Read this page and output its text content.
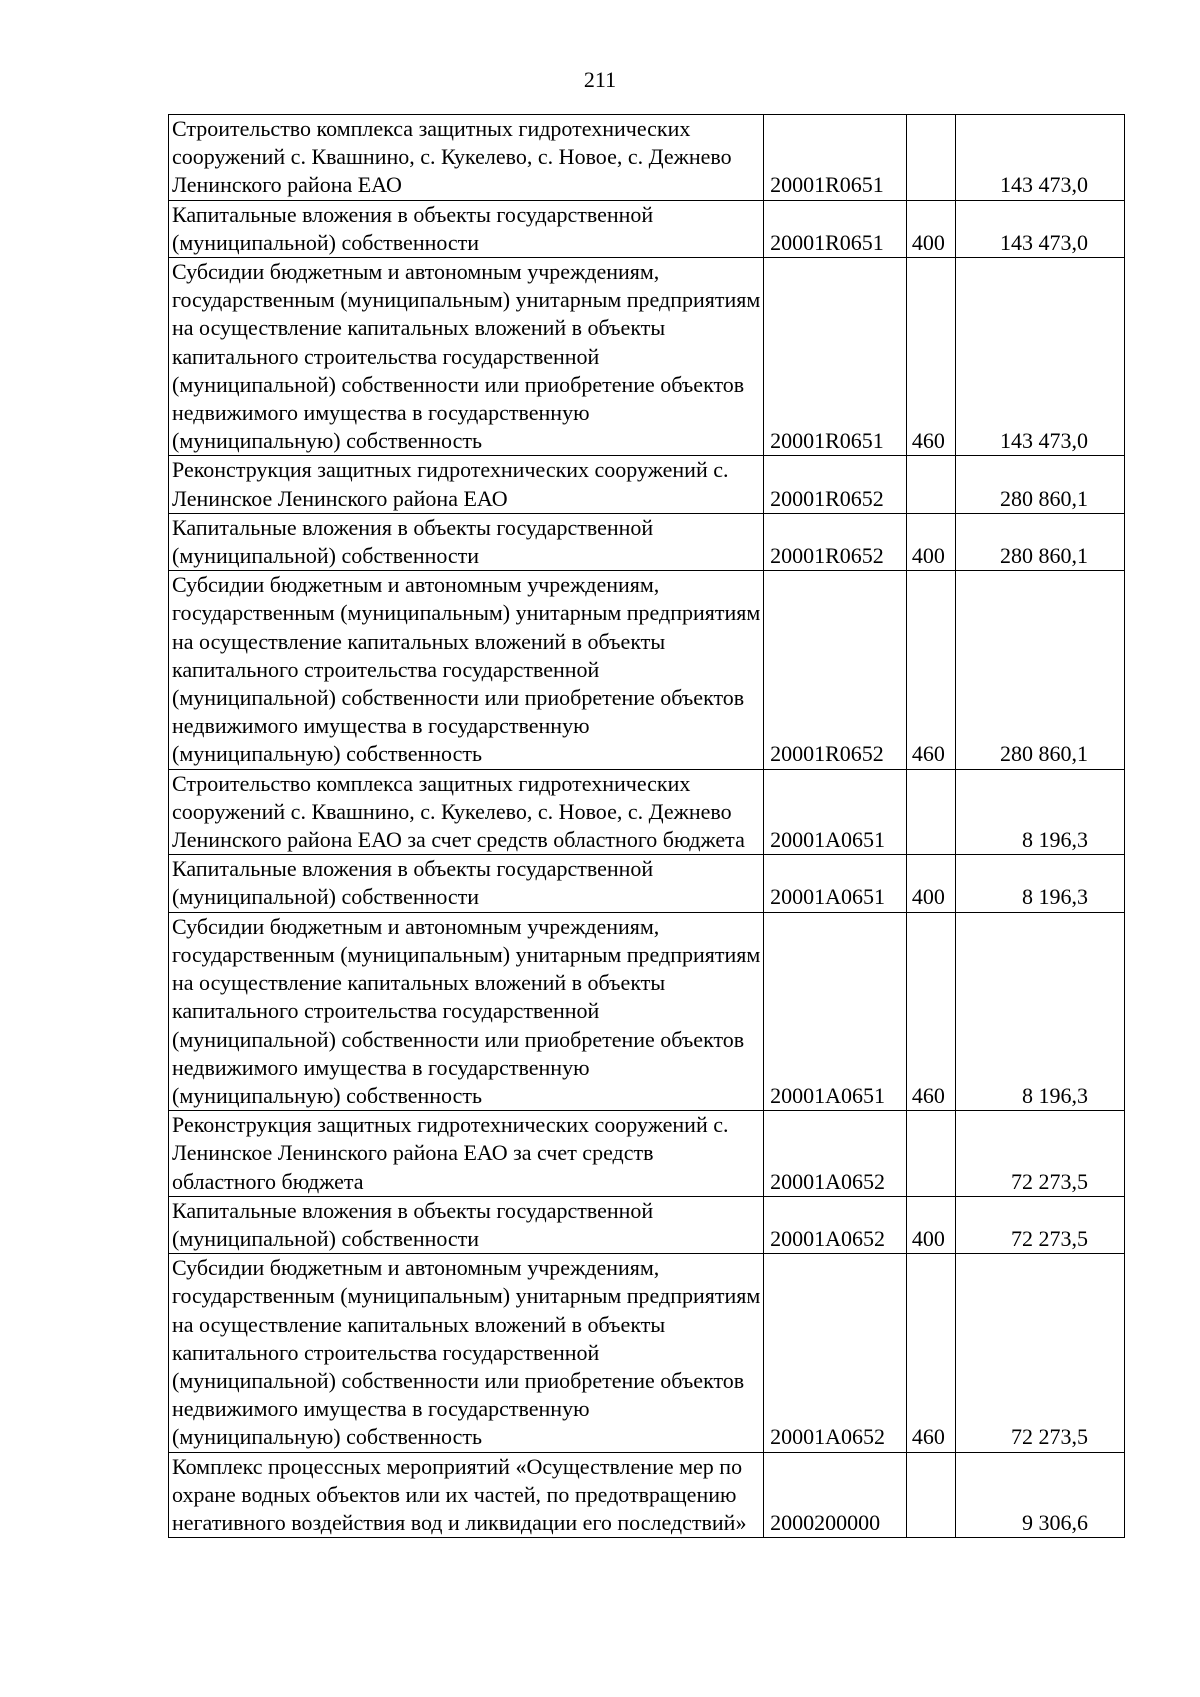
211
Строительство комплекса защитных гидротехнических сооружений с. Квашнино, с. Кукелево, с. Новое, с. Дежнево Ленинского района ЕАО	20001R0651		143 473,0
Капитальные вложения в объекты государственной (муниципальной) собственности	20001R0651	400	143 473,0
Субсидии бюджетным и автономным учреждениям, государственным (муниципальным) унитарным предприятиям на осуществление капитальных вложений в объекты капитального строительства государственной (муниципальной) собственности или приобретение объектов недвижимого имущества в государственную (муниципальную) собственность	20001R0651	460	143 473,0
Реконструкция защитных гидротехнических сооружений с. Ленинское Ленинского района ЕАО	20001R0652		280 860,1
Капитальные вложения в объекты государственной (муниципальной) собственности	20001R0652	400	280 860,1
Субсидии бюджетным и автономным учреждениям, государственным (муниципальным) унитарным предприятиям на осуществление капитальных вложений в объекты капитального строительства государственной (муниципальной) собственности или приобретение объектов недвижимого имущества в государственную (муниципальную) собственность	20001R0652	460	280 860,1
Строительство комплекса защитных гидротехнических сооружений с. Квашнино, с. Кукелево, с. Новое, с. Дежнево Ленинского района ЕАО за счет средств областного бюджета	20001A0651		8 196,3
Капитальные вложения в объекты государственной (муниципальной) собственности	20001A0651	400	8 196,3
Субсидии бюджетным и автономным учреждениям, государственным (муниципальным) унитарным предприятиям на осуществление капитальных вложений в объекты капитального строительства государственной (муниципальной) собственности или приобретение объектов недвижимого имущества в государственную (муниципальную) собственность	20001A0651	460	8 196,3
Реконструкция защитных гидротехнических сооружений с. Ленинское Ленинского района ЕАО за счет средств областного бюджета	20001A0652		72 273,5
Капитальные вложения в объекты государственной (муниципальной) собственности	20001A0652	400	72 273,5
Субсидии бюджетным и автономным учреждениям, государственным (муниципальным) унитарным предприятиям на осуществление капитальных вложений в объекты капитального строительства государственной (муниципальной) собственности или приобретение объектов недвижимого имущества в государственную (муниципальную) собственность	20001A0652	460	72 273,5
Комплекс процессных мероприятий «Осуществление мер по охране водных объектов или их частей, по предотвращению негативного воздействия вод и ликвидации его последствий»	2000200000		9 306,6
